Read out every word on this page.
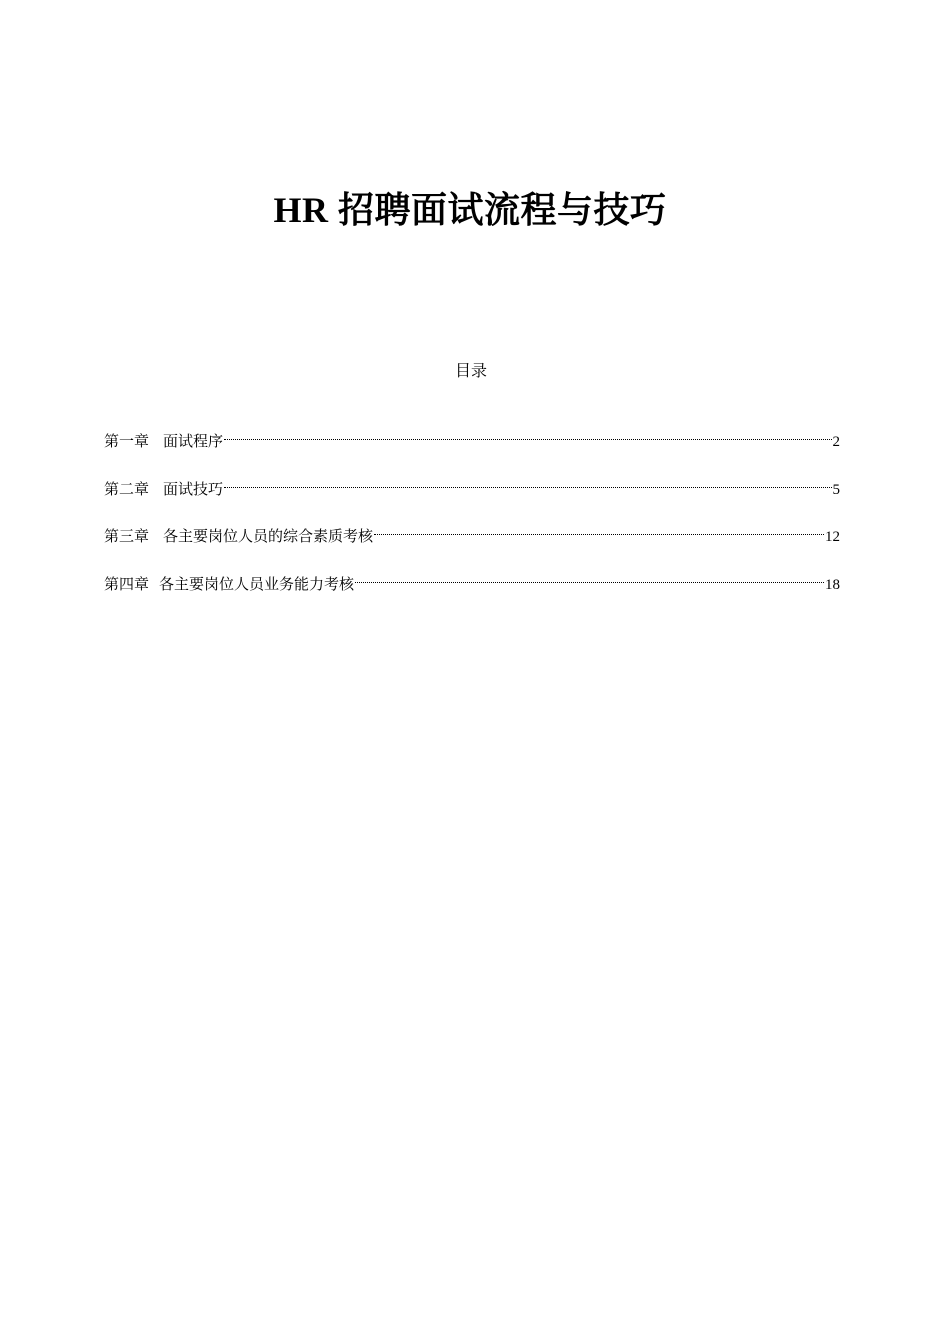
HR 招聘面试流程与技巧
目录
第一章 面试程序	2
第二章 面试技巧	5
第三章 各主要岗位人员的综合素质考核	12
第四章 各主要岗位人员业务能力考核	18
